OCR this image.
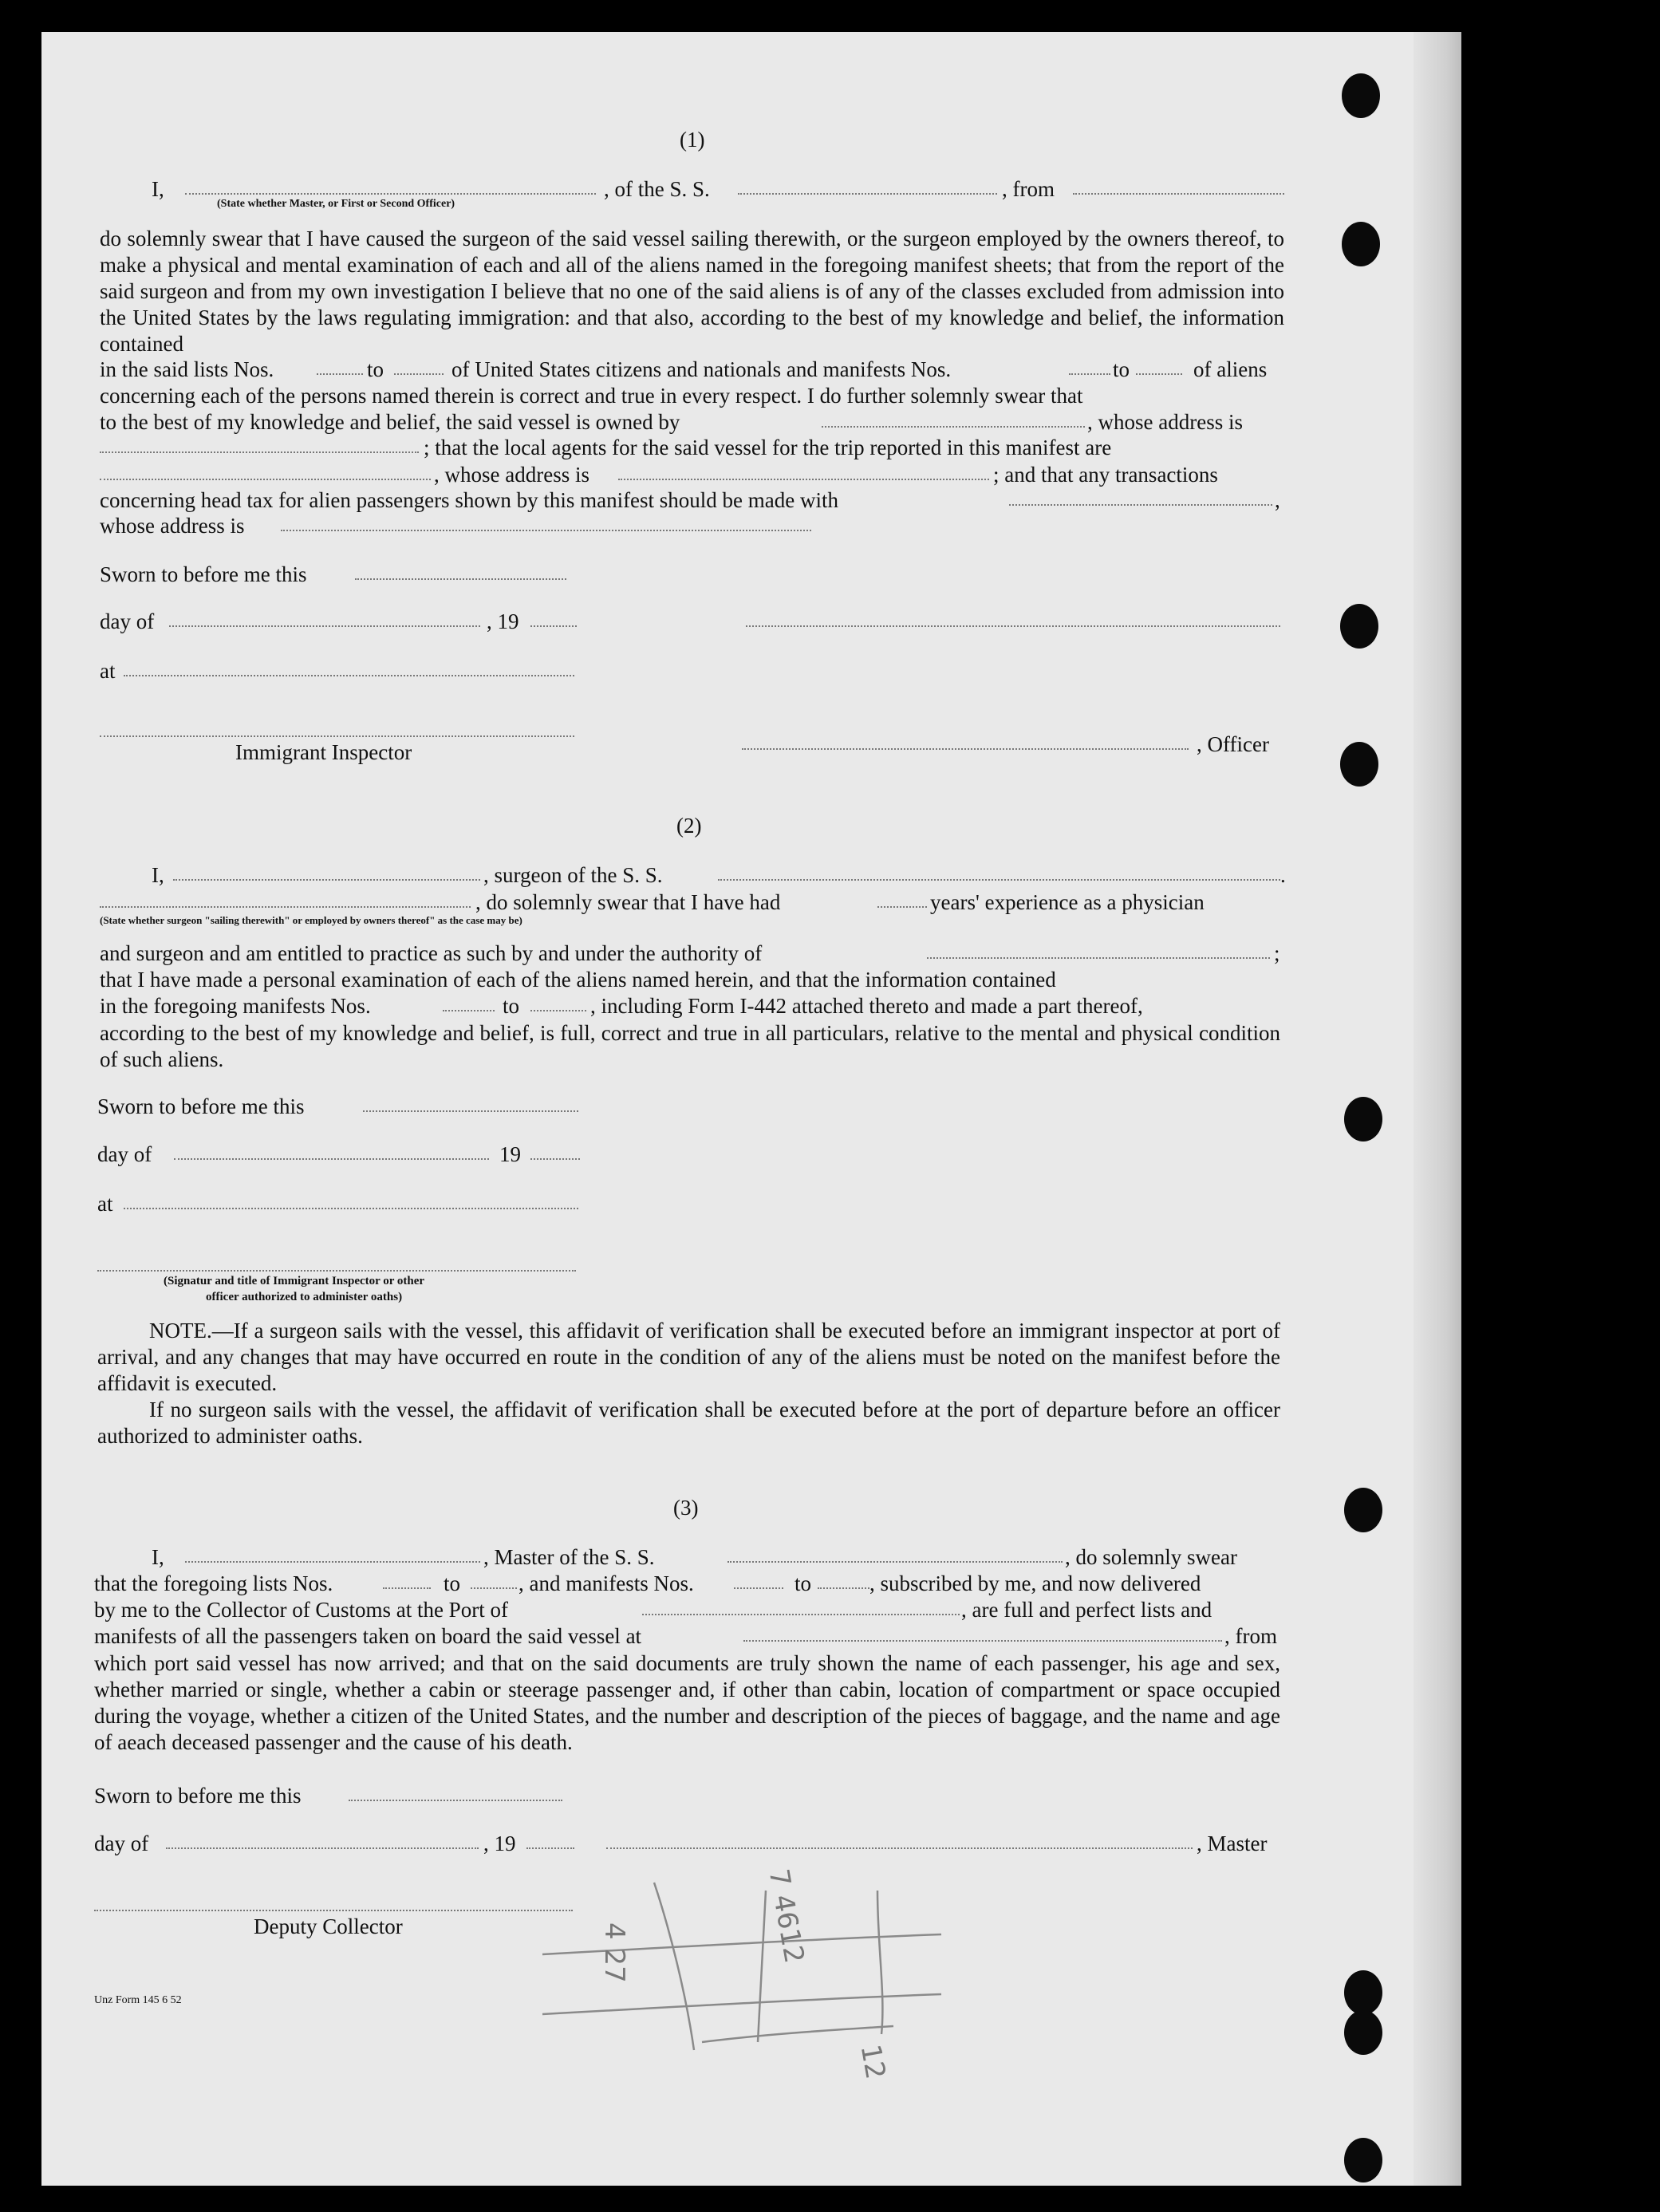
(1)
I,	, of the S. S.	, from
(State whether Master, or First or Second Officer)
do solemnly swear that I have caused the surgeon of the said vessel sailing therewith, or the surgeon employed by the owners thereof, to make a physical and mental examination of each and all of the aliens named in the foregoing manifest sheets; that from the report of the said surgeon and from my own investigation I believe that no one of the said aliens is of any of the classes excluded from admission into the United States by the laws regulating immigration: and that also, according to the best of my knowledge and belief, the information contained
in the said lists Nos.	to	of United States citizens and nationals and manifests Nos.	to	of aliens
concerning each of the persons named therein is correct and true in every respect. I do further solemnly swear that
to the best of my knowledge and belief, the said vessel is owned by	, whose address is
; that the local agents for the said vessel for the trip reported in this manifest are
, whose address is	; and that any transactions
concerning head tax for alien passengers shown by this manifest should be made with	,
whose address is
Sworn to before me this
day of	, 19
at
Immigrant Inspector	, Officer
(2)
I,	, surgeon of the S. S.	.
, do solemnly swear that I have had	years' experience as a physician
(State whether surgeon "sailing therewith" or employed by owners thereof" as the case may be)
and surgeon and am entitled to practice as such by and under the authority of	;
that I have made a personal examination of each of the aliens named herein, and that the information contained
in the foregoing manifests Nos.	to	, including Form I-442 attached thereto and made a part thereof,
according to the best of my knowledge and belief, is full, correct and true in all particulars, relative to the mental and physical condition of such aliens.
Sworn to before me this
day of	19
at
(Signatur and title of Immigrant Inspector or other
officer authorized to administer oaths)
NOTE.—If a surgeon sails with the vessel, this affidavit of verification shall be executed before an immigrant inspector at port of arrival, and any changes that may have occurred en route in the condition of any of the aliens must be noted on the manifest before the affidavit is executed.
If no surgeon sails with the vessel, the affidavit of verification shall be executed before at the port of departure before an officer authorized to administer oaths.
(3)
I,	, Master of the S. S.	, do solemnly swear
that the foregoing lists Nos.	to	, and manifests Nos.	to	, subscribed by me, and now delivered
by me to the Collector of Customs at the Port of	, are full and perfect lists and
manifests of all the passengers taken on board the said vessel at	, from
which port said vessel has now arrived; and that on the said documents are truly shown the name of each passenger, his age and sex, whether married or single, whether a cabin or steerage passenger and, if other than cabin, location of compartment or space occupied during the voyage, whether a citizen of the United States, and the number and description of the pieces of baggage, and the name and age of aeach deceased passenger and the cause of his death.
Sworn to before me this
day of	, 19	, Master
Deputy Collector
Unz Form 145 6 52
7 4612
4 27
12
